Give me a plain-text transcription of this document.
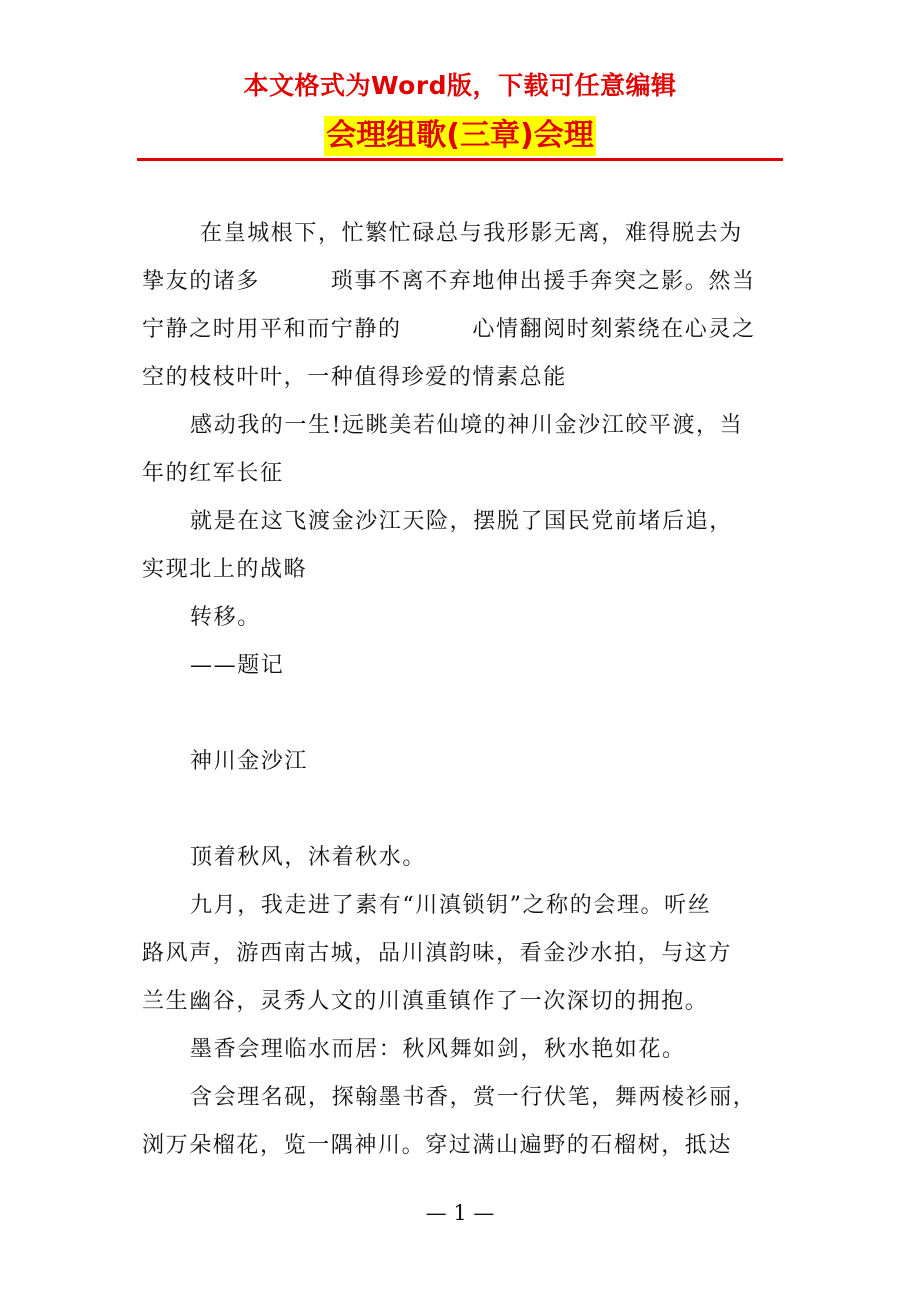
本文格式为Word版，下载可任意编辑
会理组歌(三章)会理

在皇城根下，忙繁忙碌总与我形影无离，难得脱去为

挚友的诸多　　　琐事不离不弃地伸出援手奔突之影。然当

宁静之时用平和而宁静的　　　心情翻阅时刻萦绕在心灵之

空的枝枝叶叶，一种值得珍爱的情素总能

感动我的一生!远眺美若仙境的神川金沙江皎平渡，当

年的红军长征

就是在这飞渡金沙江天险，摆脱了国民党前堵后追，

实现北上的战略

转移。

——题记

神川金沙江

顶着秋风，沐着秋水。

九月，我走进了素有“川滇锁钥”之称的会理。听丝

路风声，游西南古城，品川滇韵味，看金沙水拍，与这方

兰生幽谷，灵秀人文的川滇重镇作了一次深切的拥抱。

墨香会理临水而居：秋风舞如剑，秋水艳如花。

含会理名砚，探翰墨书香，赏一行伏笔，舞两棱衫丽，

浏万朵榴花，览一隅神川。穿过满山遍野的石榴树，抵达

— 1 —
